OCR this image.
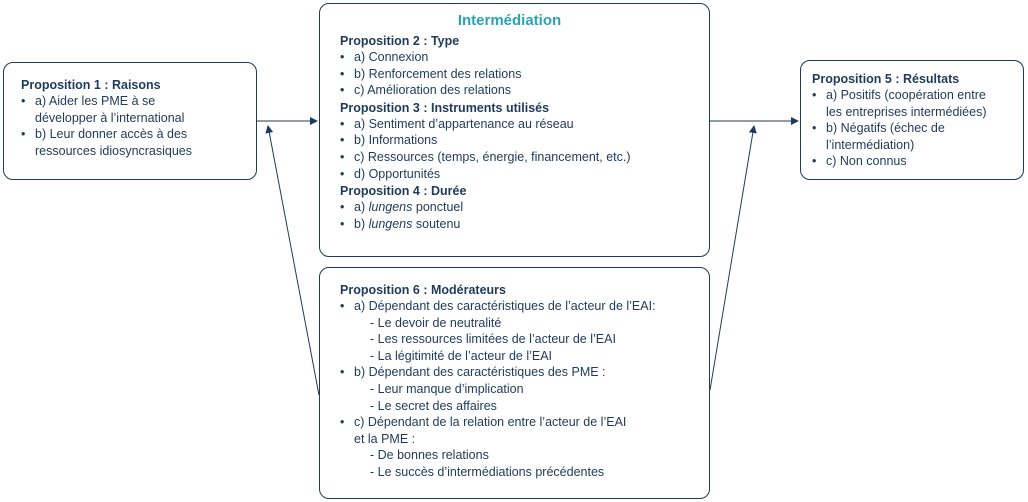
Proposition 1 : Raisons
• a) Aider les PME à se
développer à l’international
• b) Leur donner accès à des
ressources idiosyncrasiques
Intermédiation
Proposition 2 : Type
• a) Connexion
• b) Renforcement des relations
• c) Amélioration des relations
Proposition 3 : Instruments utilisés
• a) Sentiment d’appartenance au réseau
• b) Informations
• c) Ressources (temps, énergie, financement, etc.)
• d) Opportunités
Proposition 4 : Durée
• a) lungens ponctuel
• b) lungens soutenu
Proposition 5 : Résultats
• a) Positifs (coopération entre
les entreprises intermédiées)
• b) Négatifs (échec de
l’intermédiation)
• c) Non connus
Proposition 6 : Modérateurs
• a) Dépendant des caractéristiques de l’acteur de l’EAI:
- Le devoir de neutralité
- Les ressources limitées de l’acteur de l’EAI
- La légitimité de l’acteur de l’EAI
• b) Dépendant des caractéristiques des PME :
- Leur manque d’implication
- Le secret des affaires
• c) Dépendant de la relation entre l’acteur de l’EAI
et la PME :
- De bonnes relations
- Le succès d’intermédiations précédentes
